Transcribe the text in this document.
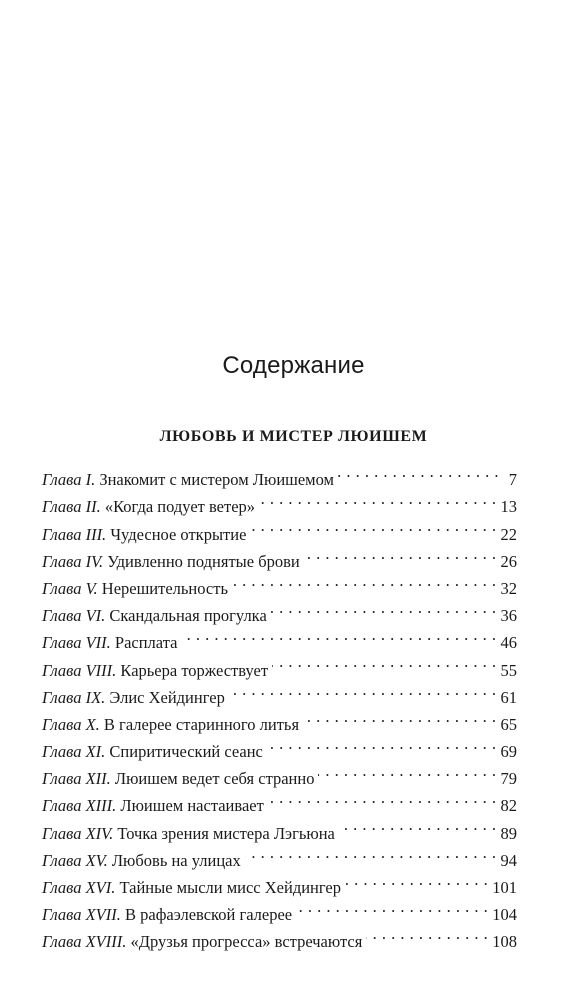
Содержание
ЛЮБОВЬ И МИСТЕР ЛЮИШЕМ
Глава I. Знакомит с мистером Люишемом . . .	7
Глава II. «Когда подует ветер» . . .	13
Глава III. Чудесное открытие . . .	22
Глава IV. Удивленно поднятые брови . . .	26
Глава V. Нерешительность . . .	32
Глава VI. Скандальная прогулка . . .	36
Глава VII. Расплата . . .	46
Глава VIII. Карьера торжествует . . .	55
Глава IX. Элис Хейдингер . . .	61
Глава X. В галерее старинного литья . . .	65
Глава XI. Спиритический сеанс . . .	69
Глава XII. Люишем ведет себя странно . . .	79
Глава XIII. Люишем настаивает . . .	82
Глава XIV. Точка зрения мистера Лэгьюна . . .	89
Глава XV. Любовь на улицах . . .	94
Глава XVI. Тайные мысли мисс Хейдингер . . .	101
Глава XVII. В рафаэлевской галерее . . .	104
Глава XVIII. «Друзья прогресса» встречаются . . .	108
